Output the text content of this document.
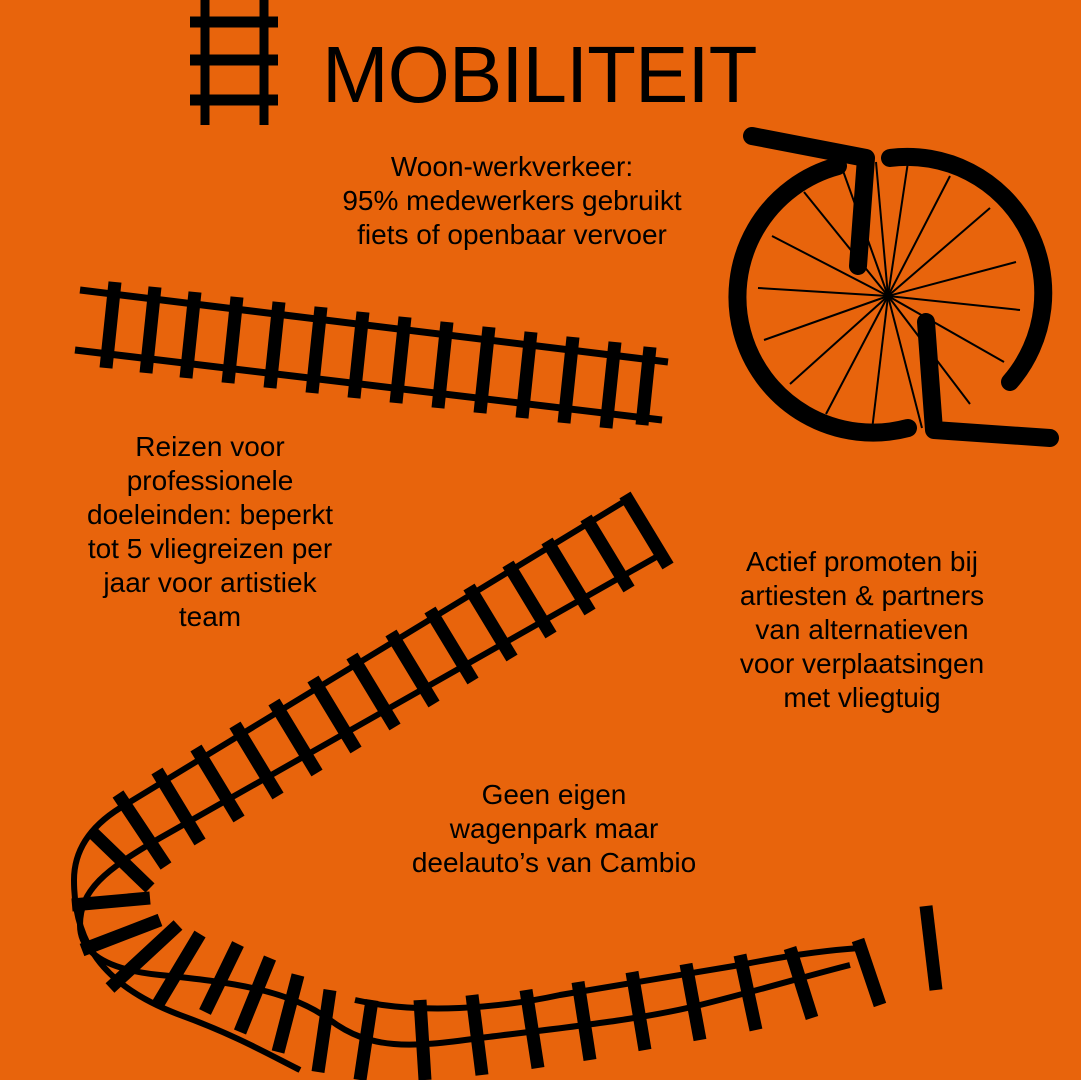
MOBILITEIT
Woon-werkverkeer:
95% medewerkers gebruikt
fiets of openbaar vervoer
Reizen voor
professionele
doeleinden: beperkt
tot 5 vliegreizen per
jaar voor artistiek
team
Actief promoten bij
artiesten & partners
van alternatieven
voor verplaatsingen
met vliegtuig
Geen eigen
wagenpark maar
deelauto’s van Cambio
